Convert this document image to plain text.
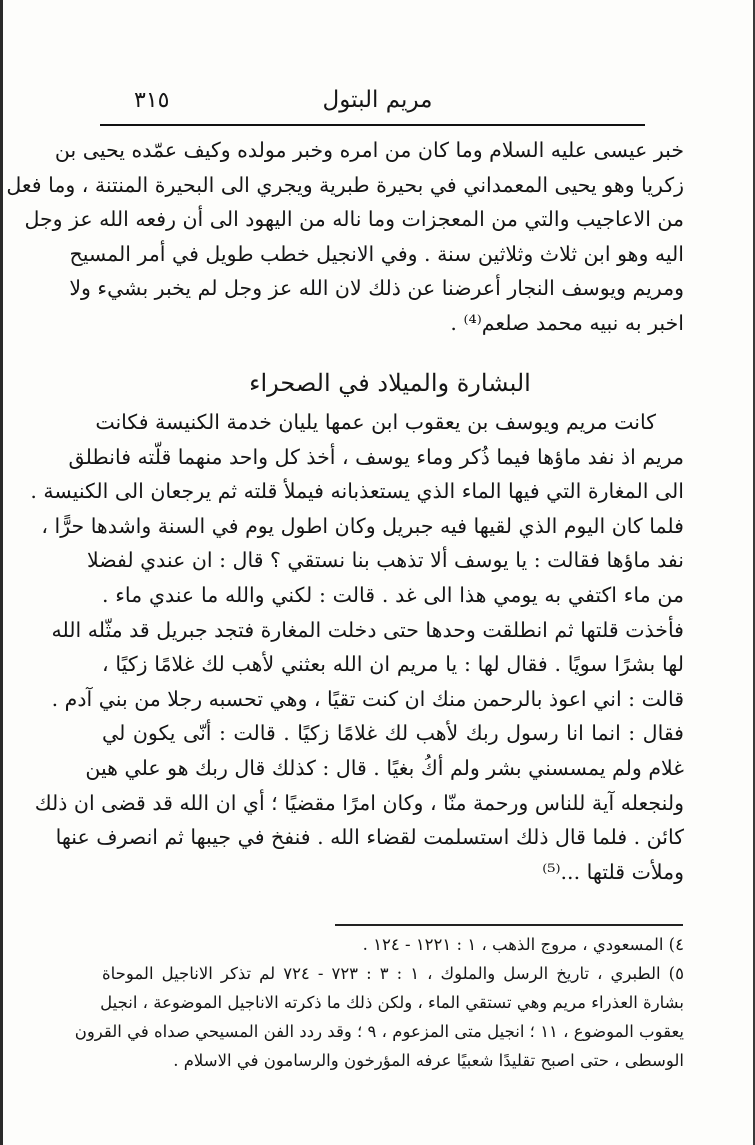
مريم البتول
٣١٥
خبر عيسى عليه السلام وما كان من امره وخبر مولده وكيف عمّده يحيى بن
زكريا وهو يحيى المعمداني في بحيرة طبرية ويجري الى البحيرة المنتنة ، وما فعل
من الاعاجيب والتي من المعجزات وما ناله من اليهود الى أن رفعه الله عز وجل
اليه وهو ابن ثلاث وثلاثين سنة . وفي الانجيل خطب طويل في أمر المسيح
ومريم ويوسف النجار أعرضنا عن ذلك لان الله عز وجل لم يخبر بشيء ولا
اخبر به نبيه محمد صلعم⁽⁴⁾ .
البشارة والميلاد في الصحراء
كانت مريم ويوسف بن يعقوب ابن عمها يليان خدمة الكنيسة فكانت
مريم اذ نفد ماؤها فيما ذُكر وماء يوسف ، أخذ كل واحد منهما قلّته فانطلق
الى المغارة التي فيها الماء الذي يستعذبانه فيملأ قلته ثم يرجعان الى الكنيسة .
فلما كان اليوم الذي لقيها فيه جبريل وكان اطول يوم في السنة واشدها حرًّا ،
نفد ماؤها فقالت : يا يوسف ألا تذهب بنا نستقي ؟ قال : ان عندي لفضلا
من ماء اكتفي به يومي هذا الى غد . قالت : لكني والله ما عندي ماء .
فأخذت قلتها ثم انطلقت وحدها حتى دخلت المغارة فتجد جبريل قد مثّله الله
لها بشرًا سويًا . فقال لها : يا مريم ان الله بعثني لأهب لك غلامًا زكيًا ،
قالت : اني اعوذ بالرحمن منك ان كنت تقيًا ، وهي تحسبه رجلا من بني آدم .
فقال : انما انا رسول ربك لأهب لك غلامًا زكيًا . قالت : أنّى يكون لي
غلام ولم يمسسني بشر ولم أكُ بغيًا . قال : كذلك قال ربك هو علي هين
ولنجعله آية للناس ورحمة منّا ، وكان امرًا مقضيًا ؛ أي ان الله قد قضى ان ذلك
كائن . فلما قال ذلك استسلمت لقضاء الله . فنفخ في جيبها ثم انصرف عنها
وملأت قلتها ...⁽⁵⁾
٤) المسعودي ، مروج الذهب ، ١ : ١٢٢١ - ١٢٤ .
٥) الطبري ، تاريخ الرسل والملوك ، ١ : ٣ : ٧٢٣ - ٧٢٤ لم تذكر الاناجيل الموحاة
بشارة العذراء مريم وهي تستقي الماء ، ولكن ذلك ما ذكرته الاناجيل الموضوعة ، انجيل
يعقوب الموضوع ، ١١ ؛ انجيل متى المزعوم ، ٩ ؛ وقد ردد الفن المسيحي صداه في القرون
الوسطى ، حتى اصبح تقليدًا شعبيًا عرفه المؤرخون والرسامون في الاسلام .
